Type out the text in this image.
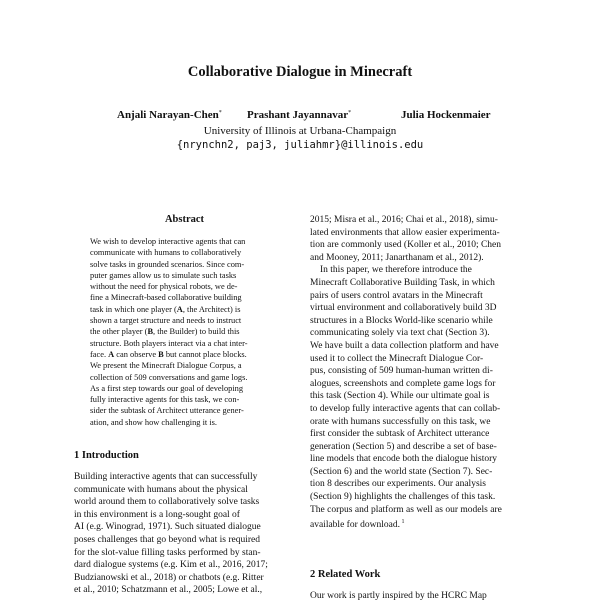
Collaborative Dialogue in Minecraft
Anjali Narayan-Chen* Prashant Jayannavar*	Julia Hockenmaier
University of Illinois at Urbana-Champaign
{nrynchn2, paj3, juliahmr}@illinois.edu
Abstract
We wish to develop interactive agents that can
communicate with humans to collaboratively
solve tasks in grounded scenarios. Since com-
puter games allow us to simulate such tasks
without the need for physical robots, we de-
fine a Minecraft-based collaborative building
task in which one player (A, the Architect) is
shown a target structure and needs to instruct
the other player (B, the Builder) to build this
structure. Both players interact via a chat inter-
face. A can observe B but cannot place blocks.
We present the Minecraft Dialogue Corpus, a
collection of 509 conversations and game logs.
As a first step towards our goal of developing
fully interactive agents for this task, we con-
sider the subtask of Architect utterance gener-
ation, and show how challenging it is.
1 Introduction
Building interactive agents that can successfully
communicate with humans about the physical
world around them to collaboratively solve tasks
in this environment is a long-sought goal of
AI (e.g. Winograd, 1971). Such situated dialogue
poses challenges that go beyond what is required
for the slot-value filling tasks performed by stan-
dard dialogue systems (e.g. Kim et al., 2016, 2017;
Budzianowski et al., 2018) or chatbots (e.g. Ritter
et al., 2010; Schatzmann et al., 2005; Lowe et al.,
2015; Misra et al., 2016; Chai et al., 2018), simu-
lated environments that allow easier experimenta-
tion are commonly used (Koller et al., 2010; Chen
and Mooney, 2011; Janarthanam et al., 2012).
In this paper, we therefore introduce the
Minecraft Collaborative Building Task, in which
pairs of users control avatars in the Minecraft
virtual environment and collaboratively build 3D
structures in a Blocks World-like scenario while
communicating solely via text chat (Section 3).
We have built a data collection platform and have
used it to collect the Minecraft Dialogue Cor-
pus, consisting of 509 human-human written di-
alogues, screenshots and complete game logs for
this task (Section 4). While our ultimate goal is
to develop fully interactive agents that can collab-
orate with humans successfully on this task, we
first consider the subtask of Architect utterance
generation (Section 5) and describe a set of base-
line models that encode both the dialogue history
(Section 6) and the world state (Section 7). Sec-
tion 8 describes our experiments. Our analysis
(Section 9) highlights the challenges of this task.
The corpus and platform as well as our models are
available for download. $^1$
2 Related Work
Our work is partly inspired by the HCRC Map
